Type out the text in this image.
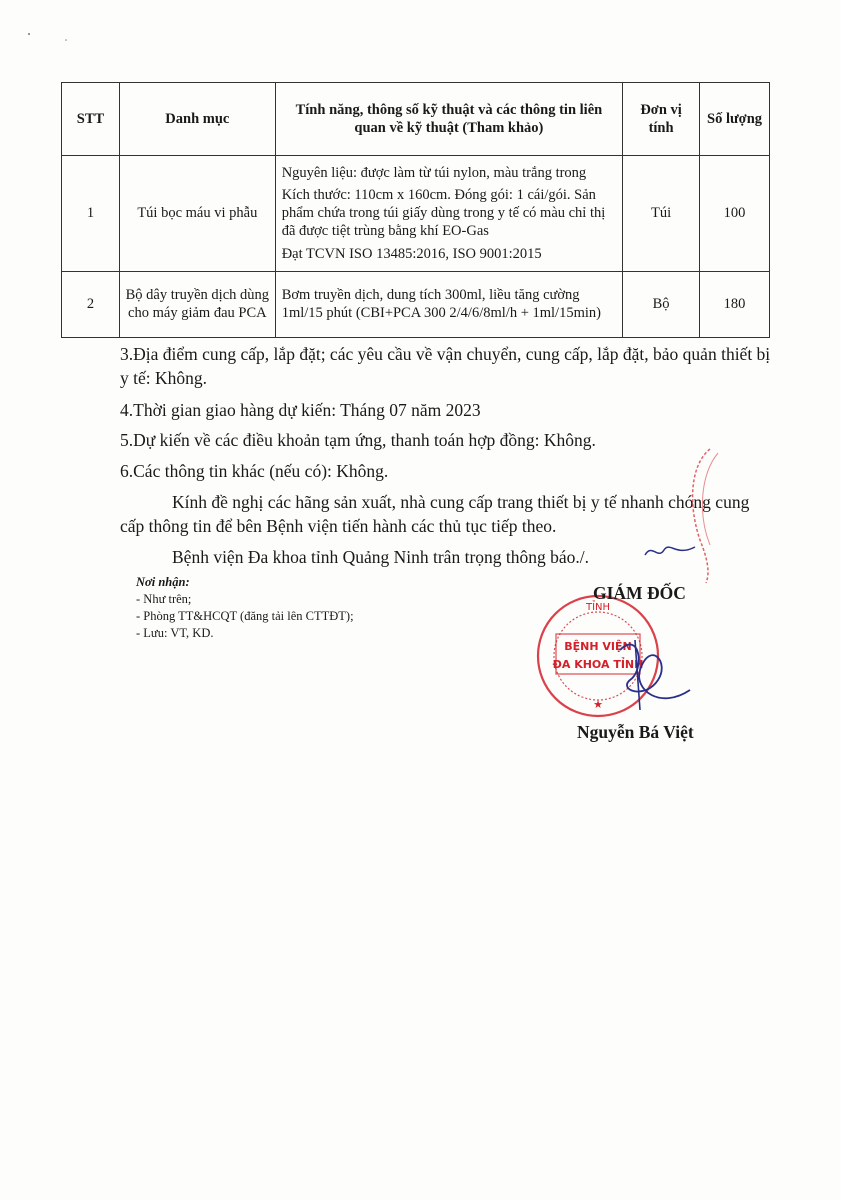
STT	Danh mục	Tính năng, thông số kỹ thuật và các thông tin liên quan về kỹ thuật (Tham khảo)	Đơn vị tính	Số lượng
1	Túi bọc máu vi phẫu	Nguyên liệu: được làm từ túi nylon, màu trắng trong
Kích thước: 110cm x 160cm. Đóng gói: 1 cái/gói. Sản phẩm chứa trong túi giấy dùng trong y tế có màu chỉ thị đã được tiệt trùng bằng khí EO-Gas
Đạt TCVN ISO 13485:2016, ISO 9001:2015	Túi	100
2	Bộ dây truyền dịch dùng cho máy giảm đau PCA	Bơm truyền dịch, dung tích 300ml, liều tăng cường 1ml/15 phút (CBI+PCA 300 2/4/6/8ml/h + 1ml/15min)	Bộ	180

3.Địa điểm cung cấp, lắp đặt; các yêu cầu về vận chuyển, cung cấp, lắp đặt, bảo quản thiết bị y tế: Không.

4.Thời gian giao hàng dự kiến: Tháng 07 năm 2023

5.Dự kiến về các điều khoản tạm ứng, thanh toán hợp đồng: Không.

6.Các thông tin khác (nếu có): Không.

Kính đề nghị các hãng sản xuất, nhà cung cấp trang thiết bị y tế nhanh chóng cung cấp thông tin để bên Bệnh viện tiến hành các thủ tục tiếp theo.

Bệnh viện Đa khoa tỉnh Quảng Ninh trân trọng thông báo./.

Nơi nhận:
- Như trên;
- Phòng TT&HCQT (đăng tải lên CTTĐT);
- Lưu: VT, KD.
TỈNH
BỆNH VIỆN
ĐA KHOA TỈNH
★
GIÁM ĐỐC
Nguyễn Bá Việt
